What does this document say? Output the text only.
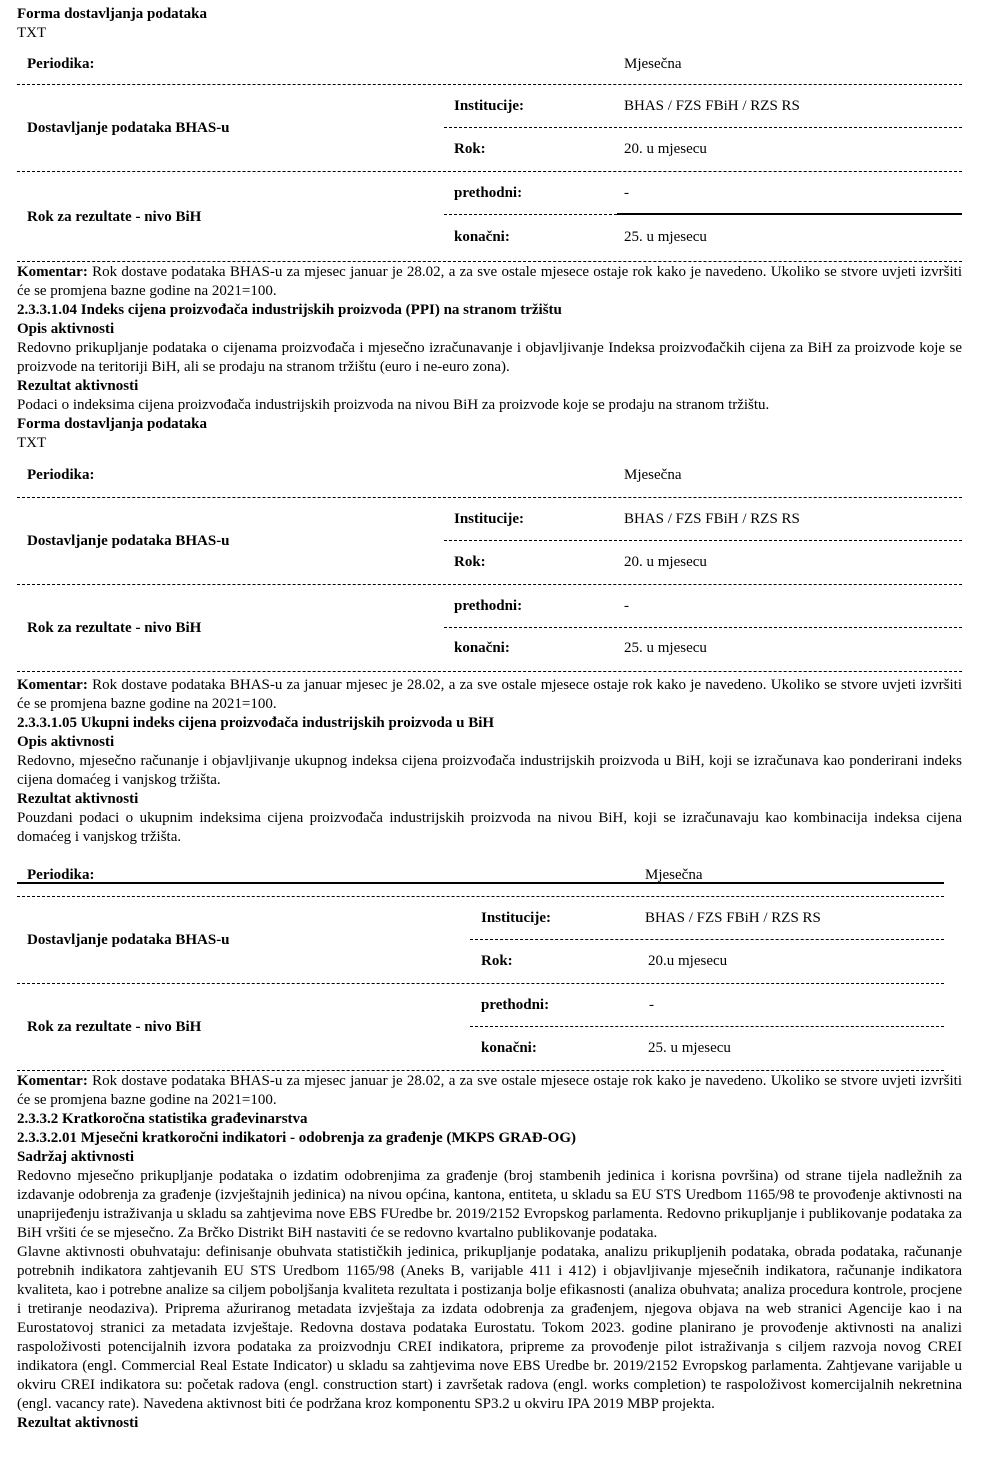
Forma dostavljanja podataka
TXT
Periodika:	Mjesečna
Dostavljanje podataka BHAS-u
Institucije:	BHAS / FZS FBiH / RZS RS
Rok:	20. u mjesecu
Rok za rezultate - nivo BiH
prethodni:	-
konačni:	25. u mjesecu

Komentar: Rok dostave podataka BHAS-u za mjesec januar je 28.02, a za sve ostale mjesece ostaje rok kako je navedeno. Ukoliko se stvore uvjeti izvršiti će se promjena bazne godine na 2021=100.

2.3.3.1.04 Indeks cijena proizvođača industrijskih proizvoda (PPI) na stranom tržištu
Opis aktivnosti

Redovno prikupljanje podataka o cijenama proizvođača i mjesečno izračunavanje i objavljivanje Indeksa proizvođačkih cijena za BiH za proizvode koje se proizvode na teritoriji BiH, ali se prodaju na stranom tržištu (euro i ne-euro zona).

Rezultat aktivnosti

Podaci o indeksima cijena proizvođača industrijskih proizvoda na nivou BiH za proizvode koje se prodaju na stranom tržištu.

Forma dostavljanja podataka
TXT
Periodika:	Mjesečna
Dostavljanje podataka BHAS-u
Institucije:	BHAS / FZS FBiH / RZS RS
Rok:	20. u mjesecu
Rok za rezultate - nivo BiH
prethodni:	-
konačni:	25. u mjesecu

Komentar: Rok dostave podataka BHAS-u za januar mjesec je 28.02, a za sve ostale mjesece ostaje rok kako je navedeno. Ukoliko se stvore uvjeti izvršiti će se promjena bazne godine na 2021=100.

2.3.3.1.05 Ukupni indeks cijena proizvođača industrijskih proizvoda u BiH
Opis aktivnosti

Redovno, mjesečno računanje i objavljivanje ukupnog indeksa cijena proizvođača industrijskih proizvoda u BiH, koji se izračunava kao ponderirani indeks cijena domaćeg i vanjskog tržišta.

Rezultat aktivnosti

Pouzdani podaci o ukupnim indeksima cijena proizvođača industrijskih proizvoda na nivou BiH, koji se izračunavaju kao kombinacija indeksa cijena domaćeg i vanjskog tržišta.

Periodika:	Mjesečna
Dostavljanje podataka BHAS-u
Institucije:	BHAS / FZS FBiH / RZS RS
Rok:	20.u mjesecu
Rok za rezultate - nivo BiH
prethodni:	-
konačni:	25. u mjesecu

Komentar: Rok dostave podataka BHAS-u za mjesec januar je 28.02, a za sve ostale mjesece ostaje rok kako je navedeno. Ukoliko se stvore uvjeti izvršiti će se promjena bazne godine na 2021=100.

2.3.3.2 Kratkoročna statistika građevinarstva
2.3.3.2.01 Mjesečni kratkoročni indikatori - odobrenja za građenje (MKPS GRAĐ-OG)
Sadržaj aktivnosti

Redovno mjesečno prikupljanje podataka o izdatim odobrenjima za građenje (broj stambenih jedinica i korisna površina) od strane tijela nadležnih za izdavanje odobrenja za građenje (izvještajnih jedinica) na nivou općina, kantona, entiteta, u skladu sa EU STS Uredbom 1165/98 te provođenje aktivnosti na unaprijeđenju istraživanja u skladu sa zahtjevima nove EBS FUredbe br. 2019/2152 Evropskog parlamenta. Redovno prikupljanje i publikovanje podataka za BiH vršiti će se mjesečno. Za Brčko Distrikt BiH nastaviti će se redovno kvartalno publikovanje podataka.

Glavne aktivnosti obuhvataju: definisanje obuhvata statističkih jedinica, prikupljanje podataka, analizu prikupljenih podataka, obrada podataka, računanje potrebnih indikatora zahtjevanih EU STS Uredbom 1165/98 (Aneks B, varijable 411 i 412) i objavljivanje mjesečnih indikatora, računanje indikatora kvaliteta, kao i potrebne analize sa ciljem poboljšanja kvaliteta rezultata i postizanja bolje efikasnosti (analiza obuhvata; analiza procedura kontrole, procjene i tretiranje neodaziva). Priprema ažuriranog metadata izvještaja za izdata odobrenja za građenjem, njegova objava na web stranici Agencije kao i na Eurostatovoj stranici za metadata izvještaje. Redovna dostava podataka Eurostatu. Tokom 2023. godine planirano je provođenje aktivnosti na analizi raspoloživosti potencijalnih izvora podataka za proizvodnju CREI indikatora, pripreme za provođenje pilot istraživanja s ciljem razvoja novog CREI indikatora (engl. Commercial Real Estate Indicator) u skladu sa zahtjevima nove EBS Uredbe br. 2019/2152 Evropskog parlamenta. Zahtjevane varijable u okviru CREI indikatora su: početak radova (engl. construction start) i završetak radova (engl. works completion) te raspoloživost komercijalnih nekretnina (engl. vacancy rate). Navedena aktivnost biti će podržana kroz komponentu SP3.2 u okviru IPA 2019 MBP projekta.

Rezultat aktivnosti
